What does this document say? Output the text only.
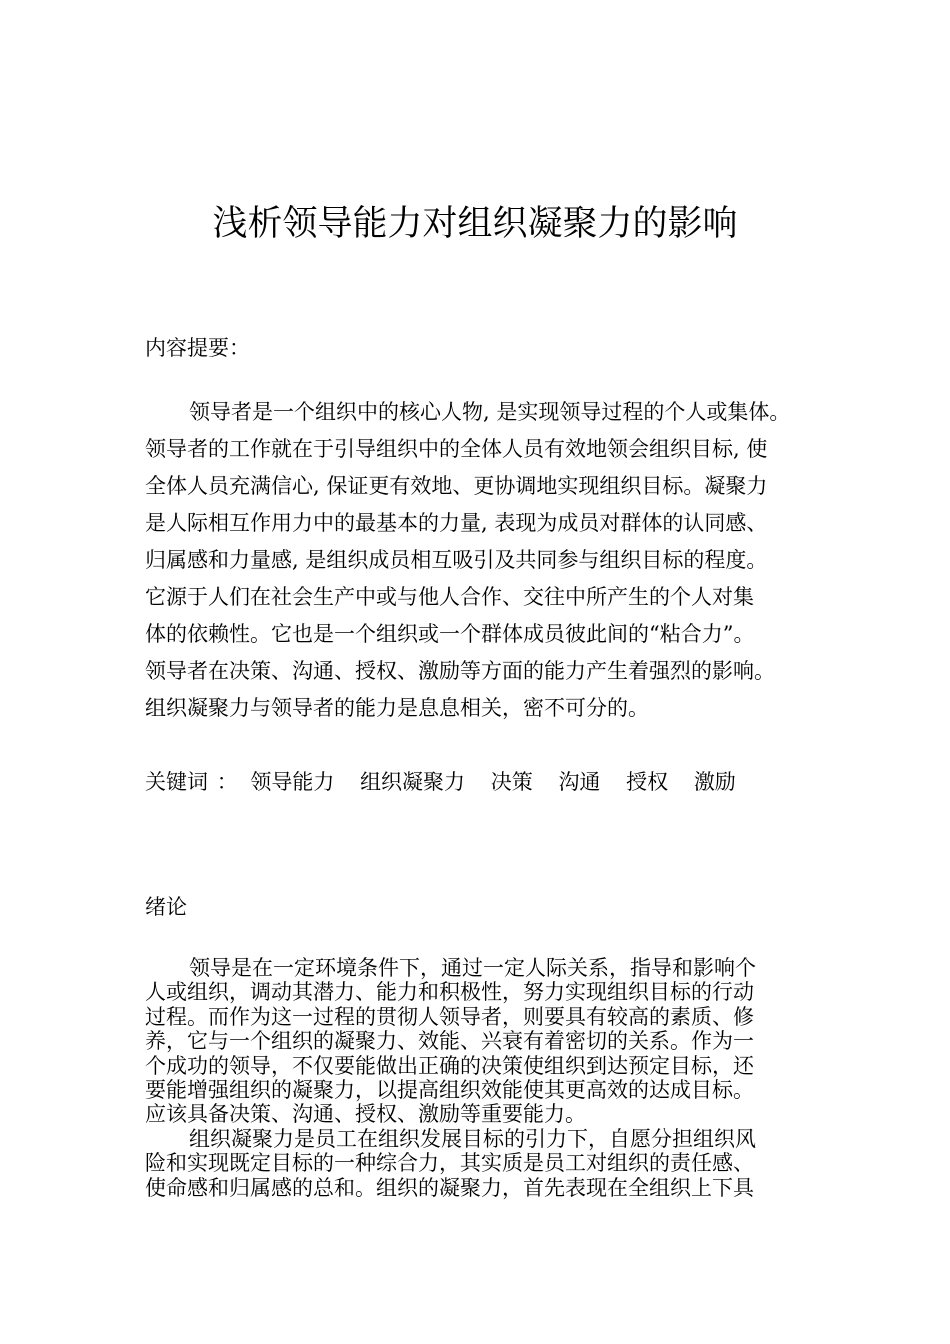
浅析领导能力对组织凝聚力的影响
内容提要：
领导者是一个组织中的核心人物, 是实现领导过程的个人或集体。
领导者的工作就在于引导组织中的全体人员有效地领会组织目标, 使
全体人员充满信心, 保证更有效地、更协调地实现组织目标。凝聚力
是人际相互作用力中的最基本的力量, 表现为成员对群体的认同感、
归属感和力量感, 是组织成员相互吸引及共同参与组织目标的程度。
它源于人们在社会生产中或与他人合作、交往中所产生的个人对集
体的依赖性。它也是一个组织或一个群体成员彼此间的“粘合力”。
领导者在决策、沟通、授权、激励等方面的能力产生着强烈的影响。
组织凝聚力与领导者的能力是息息相关，密不可分的。
关键词 ： 领导能力 组织凝聚力 决策 沟通 授权 激励
绪论
领导是在一定环境条件下，通过一定人际关系，指导和影响个
人或组织，调动其潜力、能力和积极性，努力实现组织目标的行动
过程。而作为这一过程的贯彻人领导者，则要具有较高的素质、修
养，它与一个组织的凝聚力、效能、兴衰有着密切的关系。作为一
个成功的领导，不仅要能做出正确的决策使组织到达预定目标，还
要能增强组织的凝聚力，以提高组织效能使其更高效的达成目标。
应该具备决策、沟通、授权、激励等重要能力。
组织凝聚力是员工在组织发展目标的引力下，自愿分担组织风
险和实现既定目标的一种综合力，其实质是员工对组织的责任感、
使命感和归属感的总和。组织的凝聚力，首先表现在全组织上下具
